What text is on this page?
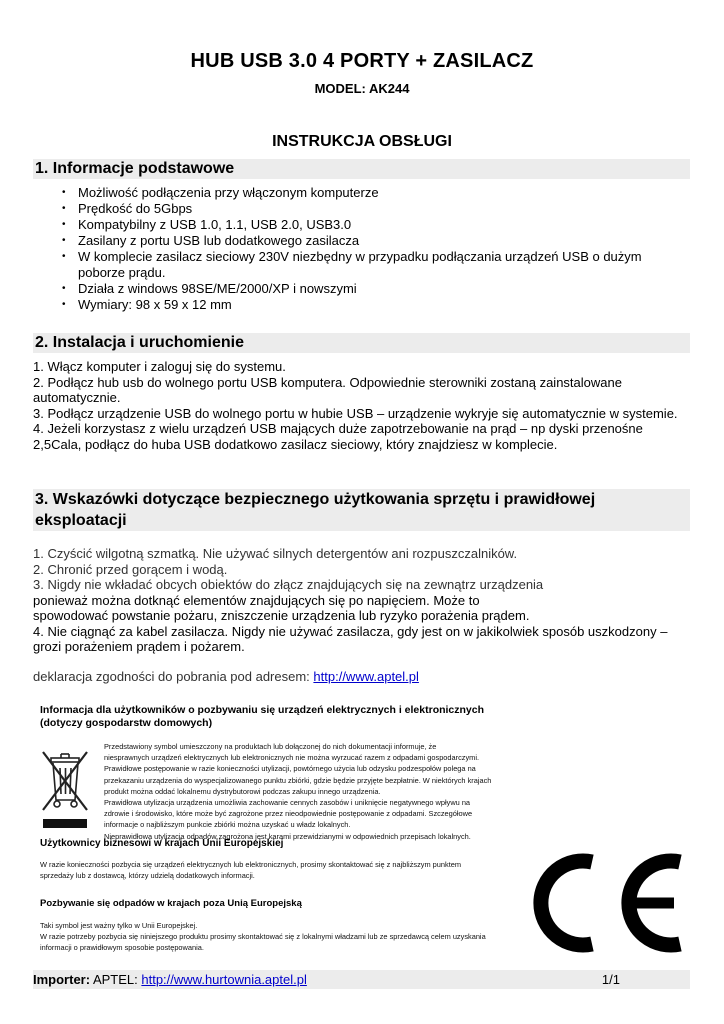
HUB USB 3.0 4 PORTY + ZASILACZ
MODEL: AK244
INSTRUKCJA OBSŁUGI
1. Informacje podstawowe
• Możliwość podłączenia przy włączonym komputerze
• Prędkość do 5Gbps
• Kompatybilny z USB 1.0, 1.1, USB 2.0, USB3.0
• Zasilany z portu USB lub dodatkowego zasilacza
• W komplecie zasilacz sieciowy 230V niezbędny w przypadku podłączania urządzeń USB o dużym poborze prądu.
• Działa z windows 98SE/ME/2000/XP i nowszymi
• Wymiary: 98 x 59 x 12 mm
2. Instalacja i uruchomienie
1. Włącz komputer i zaloguj się do systemu.
2. Podłącz hub usb do wolnego portu USB komputera. Odpowiednie sterowniki zostaną zainstalowane automatycznie.
3. Podłącz urządzenie USB do wolnego portu w hubie USB – urządzenie wykryje się automatycznie w systemie.
4. Jeżeli korzystasz z wielu urządzeń USB mających duże zapotrzebowanie na prąd – np dyski przenośne 2,5Cala, podłącz do huba USB dodatkowo zasilacz sieciowy, który znajdziesz w komplecie.
3. Wskazówki dotyczące bezpiecznego użytkowania sprzętu i prawidłowej eksploatacji
1. Czyścić wilgotną szmatką. Nie używać silnych detergentów ani rozpuszczalników.
2. Chronić przed gorącem i wodą.
3. Nigdy nie wkładać obcych obiektów do złącz znajdujących się na zewnątrz urządzenia
ponieważ można dotknąć elementów znajdujących się po napięciem. Może to
spowodować powstanie pożaru, zniszczenie urządzenia lub ryzyko porażenia prądem.
4. Nie ciągnąć za kabel zasilacza. Nigdy nie używać zasilacza, gdy jest on w jakikolwiek sposób uszkodzony – grozi porażeniem prądem i pożarem.
deklaracja zgodności do pobrania pod adresem: http://www.aptel.pl
Informacja dla użytkowników o pozbywaniu się urządzeń elektrycznych i elektronicznych
(dotyczy gospodarstw domowych)
Przedstawiony symbol umieszczony na produktach lub dołączonej do nich dokumentacji informuje, że
niesprawnych urządzeń elektrycznych lub elektronicznych nie można wyrzucać razem z odpadami gospodarczymi.
Prawidłowe postępowanie w razie konieczności utylizacji, powtórnego użycia lub odzysku podzespołów polega na
przekazaniu urządzenia do wyspecjalizowanego punktu zbiórki, gdzie będzie przyjęte bezpłatnie. W niektórych krajach
produkt można oddać lokalnemu dystrybutorowi podczas zakupu innego urządzenia.
Prawidłowa utylizacja urządzenia umożliwia zachowanie cennych zasobów i uniknięcie negatywnego wpływu na
zdrowie i środowisko, które może być zagrożone przez nieodpowiednie postępowanie z odpadami. Szczegółowe
informacje o najbliższym punkcie zbiórki można uzyskać u władz lokalnych.
Nieprawidłowa utylizacja odpadów zagrożona jest karami przewidzianymi w odpowiednich przepisach lokalnych.
Użytkownicy biznesowi w krajach Unii Europejskiej
W razie konieczności pozbycia się urządzeń elektrycznych lub elektronicznych, prosimy skontaktować się z najbliższym punktem
sprzedaży lub z dostawcą, którzy udzielą dodatkowych informacji.
Pozbywanie się odpadów w krajach poza Unią Europejską
Taki symbol jest ważny tylko w Unii Europejskej.
W razie potrzeby pozbycia się niniejszego produktu prosimy skontaktować się z lokalnymi władzami lub ze sprzedawcą celem uzyskania
informacji o prawidłowym sposobie postępowania.
Importer: APTEL: http://www.hurtownia.aptel.pl	1/1
